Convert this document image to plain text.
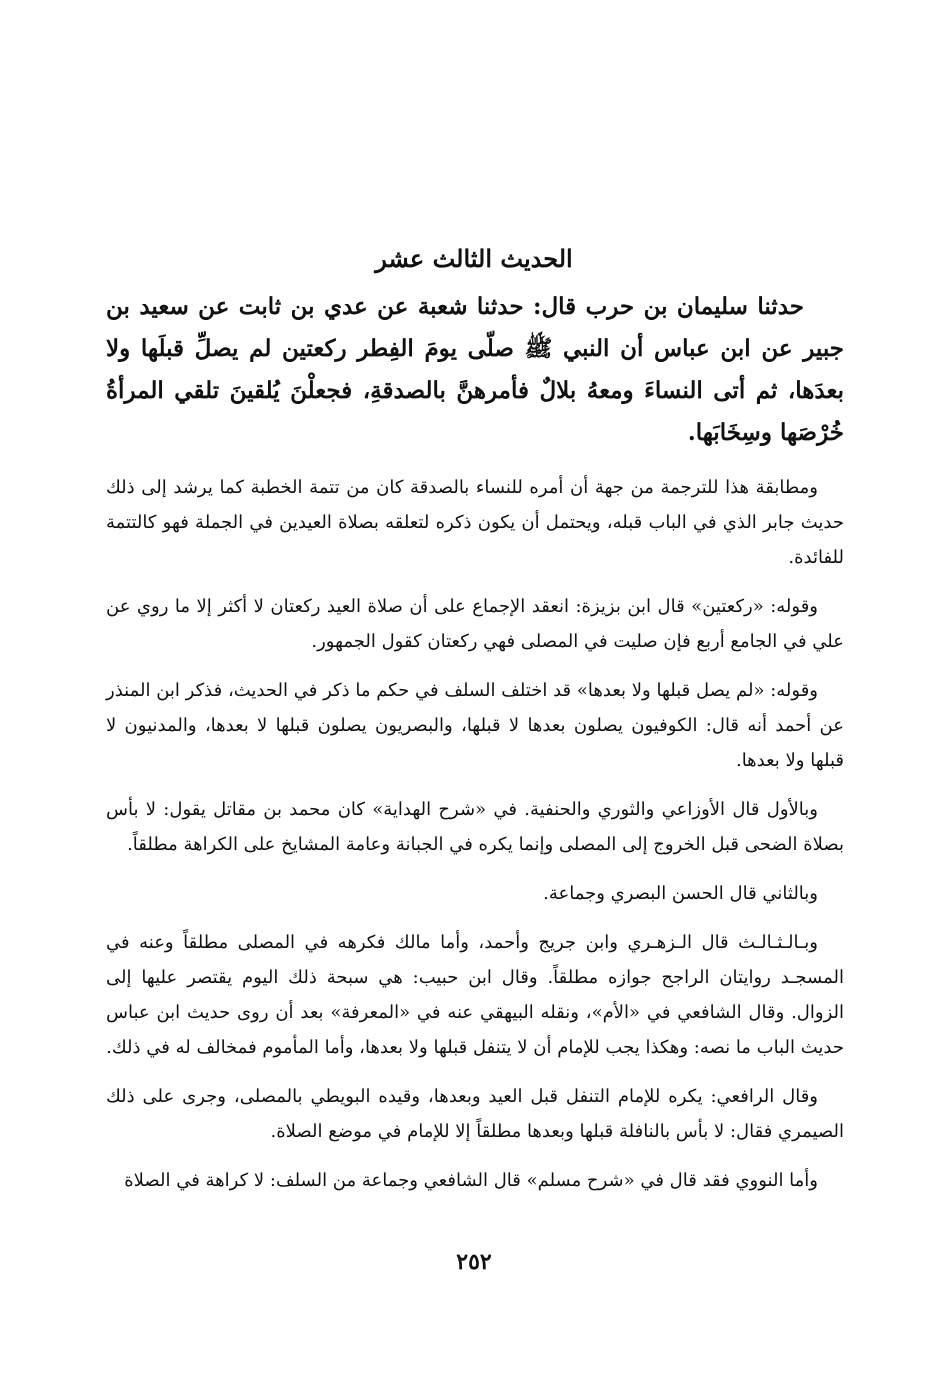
الحديث الثالث عشر

حدثنا سليمان بن حرب قال: حدثنا شعبة عن عدي بن ثابت عن سعيد بن جبير عن ابن عباس أن النبي ﷺ صلّى يومَ الفِطر ركعتين لم يصلِّ قبلَها ولا بعدَها، ثم أتى النساءَ ومعهُ بلالٌ فأمرهنَّ بالصدقةِ، فجعلْنَ يُلقينَ تلقي المرأةُ خُرْصَها وسِخَابَها.

ومطابقة هذا للترجمة من جهة أن أمره للنساء بالصدقة كان من تتمة الخطبة كما يرشد إلى ذلك حديث جابر الذي في الباب قبله، ويحتمل أن يكون ذكره لتعلقه بصلاة العيدين في الجملة فهو كالتتمة للفائدة.

وقوله: «ركعتين» قال ابن بزيزة: انعقد الإجماع على أن صلاة العيد ركعتان لا أكثر إلا ما روي عن علي في الجامع أربع فإن صليت في المصلى فهي ركعتان كقول الجمهور.

وقوله: «لم يصل قبلها ولا بعدها» قد اختلف السلف في حكم ما ذكر في الحديث، فذكر ابن المنذر عن أحمد أنه قال: الكوفيون يصلون بعدها لا قبلها، والبصريون يصلون قبلها لا بعدها، والمدنيون لا قبلها ولا بعدها.

وبالأول قال الأوزاعي والثوري والحنفية. في «شرح الهداية» كان محمد بن مقاتل يقول: لا بأس بصلاة الضحى قبل الخروج إلى المصلى وإنما يكره في الجبانة وعامة المشايخ على الكراهة مطلقاً.

وبالثاني قال الحسن البصري وجماعة.

وبـالـثـالـث قال الـزهـري وابن جريج وأحمد، وأما مالك فكرهه في المصلى مطلقاً وعنه في المسجـد روايتان الراجح جوازه مطلقاً. وقال ابن حبيب: هي سبحة ذلك اليوم يقتصر عليها إلى الزوال. وقال الشافعي في «الأم»، ونقله البيهقي عنه في «المعرفة» بعد أن روى حديث ابن عباس حديث الباب ما نصه: وهكذا يجب للإمام أن لا يتنفل قبلها ولا بعدها، وأما المأموم فمخالف له في ذلك.

وقال الرافعي: يكره للإمام التنفل قبل العيد وبعدها، وقيده البويطي بالمصلى، وجرى على ذلك الصيمري فقال: لا بأس بالنافلة قبلها وبعدها مطلقاً إلا للإمام في موضع الصلاة.

وأما النووي فقد قال في «شرح مسلم» قال الشافعي وجماعة من السلف: لا كراهة في الصلاة

٢٥٢
